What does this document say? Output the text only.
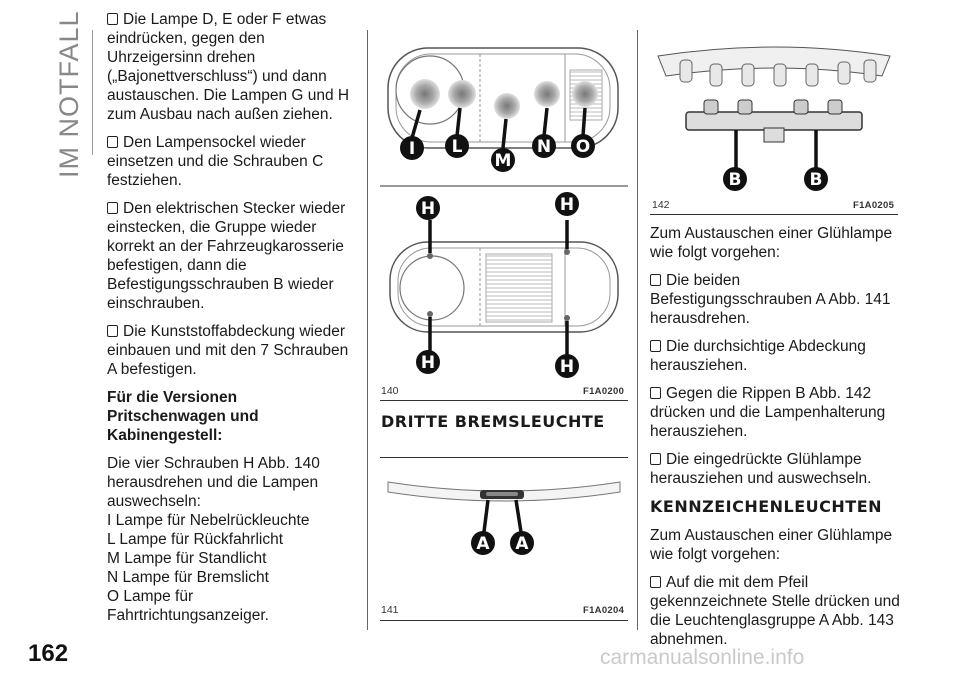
IM NOTFALL	Die Lampe D, E oder F etwas eindrücken, gegen den Uhrzeigersinn drehen („Bajonettverschluss“) und dann austauschen. Die Lampen G und H zum Ausbau nach außen ziehen.

Den Lampensockel wieder einsetzen und die Schrauben C festziehen.

Den elektrischen Stecker wieder einstecken, die Gruppe wieder korrekt an der Fahrzeugkarosserie befestigen, dann die Befestigungsschrauben B wieder einschrauben.

Die Kunststoffabdeckung wieder einbauen und mit den 7 Schrauben A befestigen.

Für die Versionen Pritschenwagen und Kabinengestell:

Die vier Schrauben H Abb. 140 herausdrehen und die Lampen auswechseln:

I Lampe für Nebelrückleuchte

L Lampe für Rückfahrlicht

M Lampe für Standlicht

N Lampe für Bremslicht

O Lampe für Fahrtrichtungsanzeiger.

I L
M
N O
H	H
H	H
140	F1A0200
DRITTE BREMSLEUCHTE
A A
141	F1A0204
B	B
142	F1A0205

Zum Austauschen einer Glühlampe wie folgt vorgehen:

Die beiden Befestigungsschrauben A Abb. 141 herausdrehen.

Die durchsichtige Abdeckung herausziehen.

Gegen die Rippen B Abb. 142 drücken und die Lampenhalterung herausziehen.

Die eingedrückte Glühlampe herausziehen und auswechseln.

KENNZEICHENLEUCHTEN

Zum Austauschen einer Glühlampe wie folgt vorgehen:

Auf die mit dem Pfeil gekennzeichnete Stelle drücken und die Leuchtenglasgruppe A Abb. 143 abnehmen.

162	carmanualsonline.info
